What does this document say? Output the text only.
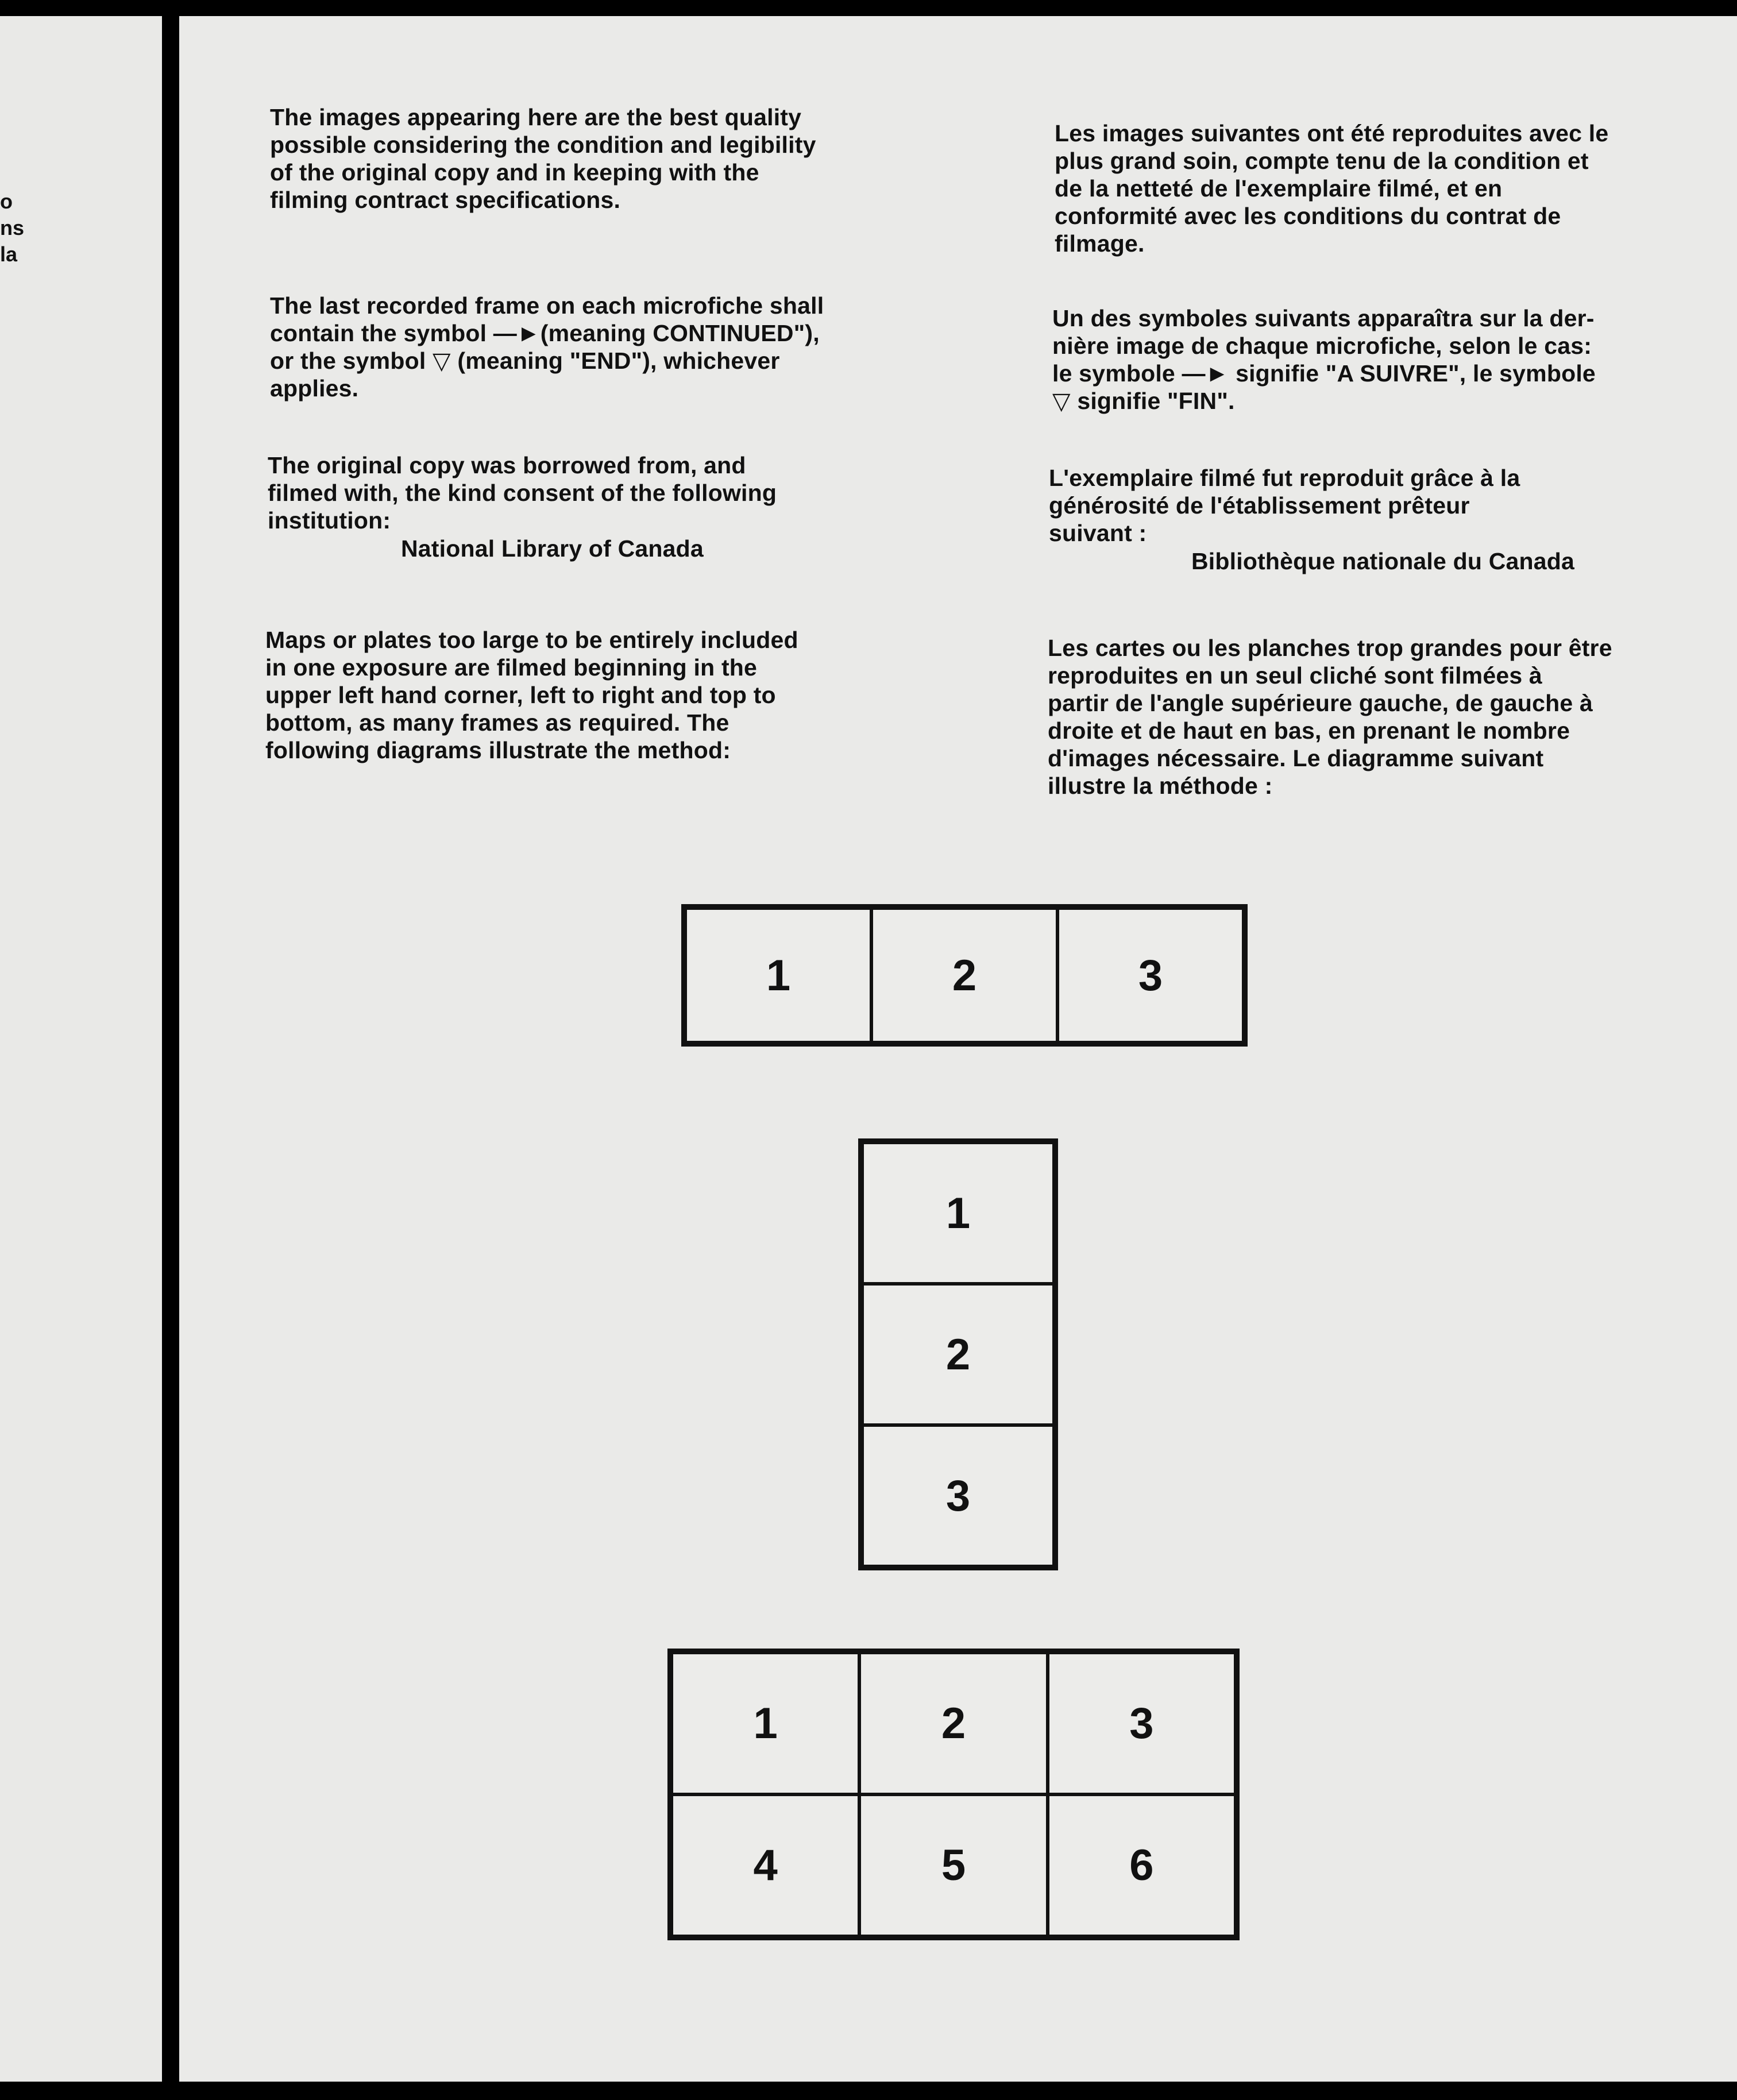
o
ns
la

The images appearing here are the best quality
possible considering the condition and legibility
of the original copy and in keeping with the
filming contract specifications.

The last recorded frame on each microfiche shall
contain the symbol —►(meaning CONTINUED"),
or the symbol ▽ (meaning "END"), whichever
applies.

The original copy was borrowed from, and
filmed with, the kind consent of the following
institution:

National Library of Canada

Maps or plates too large to be entirely included
in one exposure are filmed beginning in the
upper left hand corner, left to right and top to
bottom, as many frames as required. The
following diagrams illustrate the method:

Les images suivantes ont été reproduites avec le
plus grand soin, compte tenu de la condition et
de la netteté de l'exemplaire filmé, et en
conformité avec les conditions du contrat de
filmage.

Un des symboles suivants apparaîtra sur la der-
nière image de chaque microfiche, selon le cas:
le symbole —► signifie "A SUIVRE", le symbole
▽ signifie "FIN".

L'exemplaire filmé fut reproduit grâce à la
générosité de l'établissement prêteur
suivant :

Bibliothèque nationale du Canada

Les cartes ou les planches trop grandes pour être
reproduites en un seul cliché sont filmées à
partir de l'angle supérieure gauche, de gauche à
droite et de haut en bas, en prenant le nombre
d'images nécessaire. Le diagramme suivant
illustre la méthode :

1	2	3
1
2
3
1	2	3
4	5	6
